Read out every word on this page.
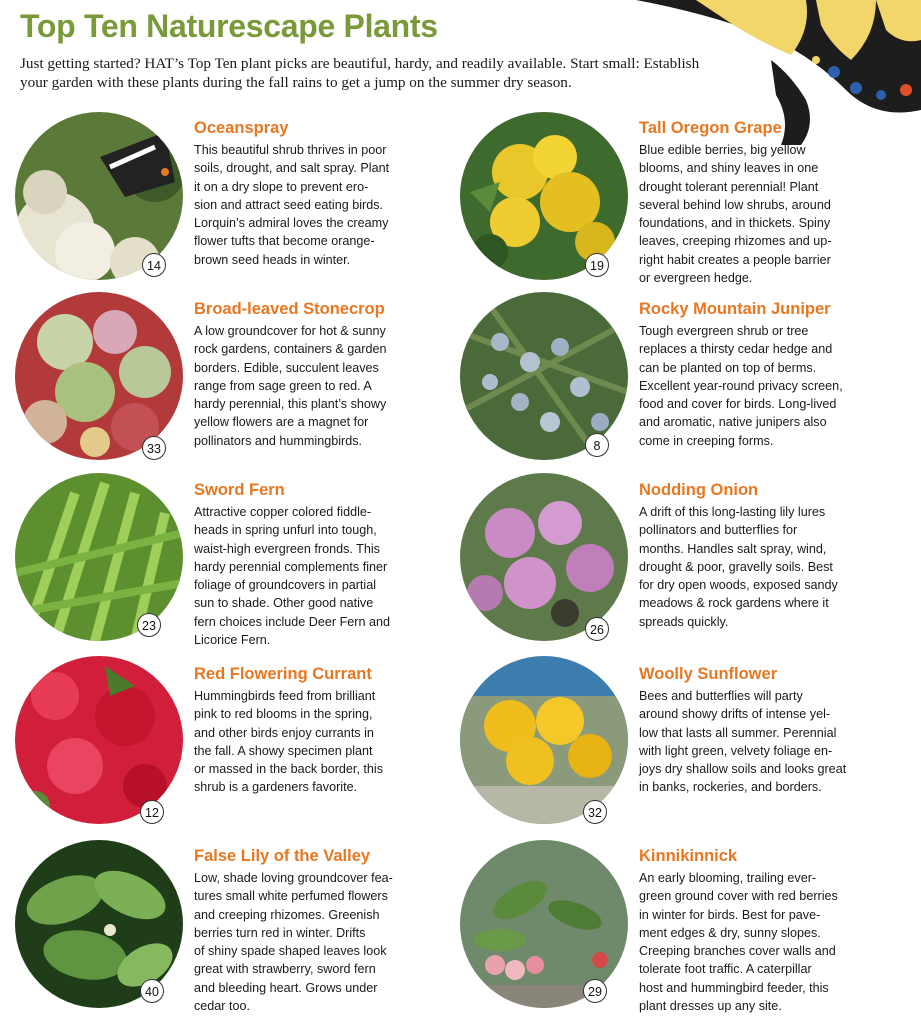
Top Ten Naturescape Plants

Just getting started? HAT’s Top Ten plant picks are beautiful, hardy, and readily available. Start small: Establish your garden with these plants during the fall rains to get a jump on the summer dry season.

14
Oceanspray

This beautiful shrub thrives in poor
soils, drought, and salt spray. Plant
it on a dry slope to prevent ero-
sion and attract seed eating birds.
Lorquin’s admiral loves the creamy
flower tufts that become orange-
brown seed heads in winter.	19
Tall Oregon Grape

Blue edible berries, big yellow
blooms, and shiny leaves in one
drought tolerant perennial! Plant
several behind low shrubs, around
foundations, and in thickets. Spiny
leaves, creeping rhizomes and up-
right habit creates a people barrier
or evergreen hedge.

33
Broad-leaved Stonecrop

A low groundcover for hot & sunny
rock gardens, containers & garden
borders. Edible, succulent leaves
range from sage green to red. A
hardy perennial, this plant’s showy
yellow flowers are a magnet for
pollinators and hummingbirds.	8
Rocky Mountain Juniper

Tough evergreen shrub or tree
replaces a thirsty cedar hedge and
can be planted on top of berms.
Excellent year-round privacy screen,
food and cover for birds. Long-lived
and aromatic, native junipers also
come in creeping forms.

23
Sword Fern

Attractive copper colored fiddle-
heads in spring unfurl into tough,
waist-high evergreen fronds. This
hardy perennial complements finer
foliage of groundcovers in partial
sun to shade. Other good native
fern choices include Deer Fern and
Licorice Fern.

26
Nodding Onion

A drift of this long-lasting lily lures
pollinators and butterflies for
months. Handles salt spray, wind,
drought & poor, gravelly soils. Best
for dry open woods, exposed sandy
meadows & rock gardens where it
spreads quickly.

12
Red Flowering Currant

Hummingbirds feed from brilliant
pink to red blooms in the spring,
and other birds enjoy currants in
the fall. A showy specimen plant
or massed in the back border, this
shrub is a gardeners favorite.

32
Woolly Sunflower

Bees and butterflies will party
around showy drifts of intense yel-
low that lasts all summer. Perennial
with light green, velvety foliage en-
joys dry shallow soils and looks great
in banks, rockeries, and borders.

40
False Lily of the Valley

Low, shade loving groundcover fea-
tures small white perfumed flowers
and creeping rhizomes. Greenish
berries turn red in winter. Drifts
of shiny spade shaped leaves look
great with strawberry, sword fern
and bleeding heart. Grows under
cedar too.

29
Kinnikinnick

An early blooming, trailing ever-
green ground cover with red berries
in winter for birds. Best for pave-
ment edges & dry, sunny slopes.
Creeping branches cover walls and
tolerate foot traffic. A caterpillar
host and hummingbird feeder, this
plant dresses up any site.
